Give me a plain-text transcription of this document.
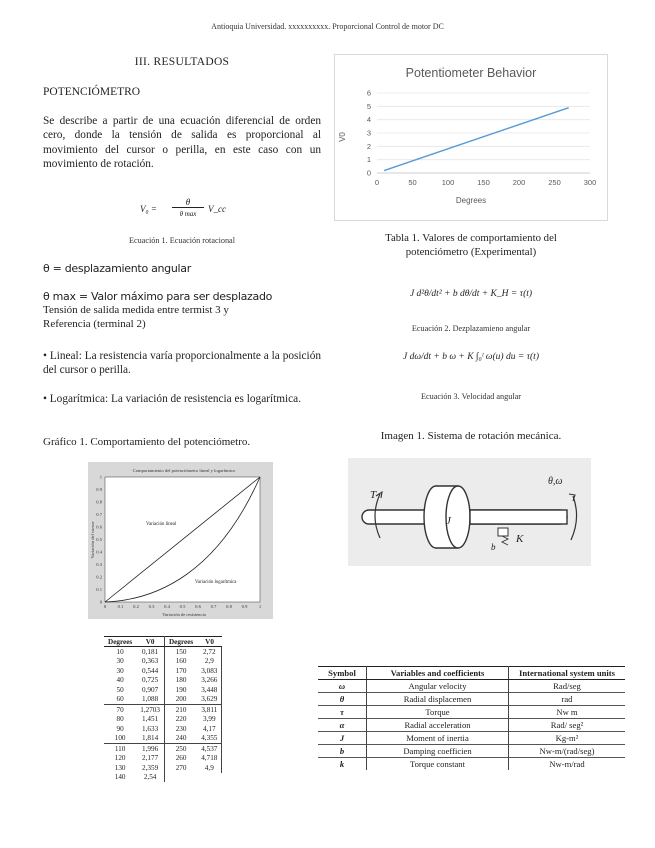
Antioquia Universidad. xxxxxxxxxx. Proporcional Control de motor DC
III. RESULTADOS
POTENCIÓMETRO
Se describe a partir de una ecuación diferencial de orden cero, donde la tensión de salida es proporcional al movimiento del cursor o perilla, en este caso con un movimiento de rotación.
V₀ =
θ
θ max	V_cc
Ecuación 1. Ecuación rotacional
θ = desplazamiento angular
θ max = Valor máximo para ser desplazado
Tensión de salida medida entre termist 3 y
Referencia (terminal 2)
• Lineal: La resistencia varía proporcionalmente a la posición del cursor o perilla.
• Logarítmica: La variación de resistencia es logarítmica.
Gráfico 1. Comportamiento del potenciómetro.
Comportamiento del potenciómetro lineal y logarítmico
Variación lineal
Variación logarítmica
0 0.1 0.2 0.3 0.4 0.5 0.6 0.7 0.8 0.9 1
0
0.1
0.2
0.3
0.4
0.5
0.6
0.7
0.8
0.9
1
Variación de resistencia
Variación del cursor
Degrees	V0	Degrees	V0
10	0,181	150	2,72
30	0,363	160	2,9
30	0,544	170	3,083
40	0,725	180	3,266
50	0,907	190	3,448
60	1,088	200	3,629
70	1,2703	210	3,811
80	1,451	220	3,99
90	1,633	230	4,17
100	1,814	240	4,355
110	1,996	250	4,537
120	2,177	260	4,718
130	2,359	270	4,9
140	2,54		
Potentiometer Behavior
0
1
2
3
4
5
6
0	50	100	150	200	250	300
Degrees
V0
Tabla 1. Valores de comportamiento del potenciómetro (Experimental)
J d²θ/dt² + b dθ/dt + K_H = τ(t)
Ecuación 2. Dezplazamieno angular
J dω/dt + b ω + K ∫₀ᵗ ω(u) du = τ(t)
Ecuación 3. Velocidad angular
Imagen 1. Sistema de rotación mecánica.
T
J
b
K
θ,ω
Symbol	Variables and coefficients	International system units
ω	Angular velocity	Rad/seg
θ	Radial displacemen	rad
τ	Torque	Nw m
α	Radial acceleration	Rad/ seg²
J	Moment of inertia	Kg-m²
b	Damping coefficien	Nw-m/(rad/seg)
k	Torque constant	Nw-m/rad
